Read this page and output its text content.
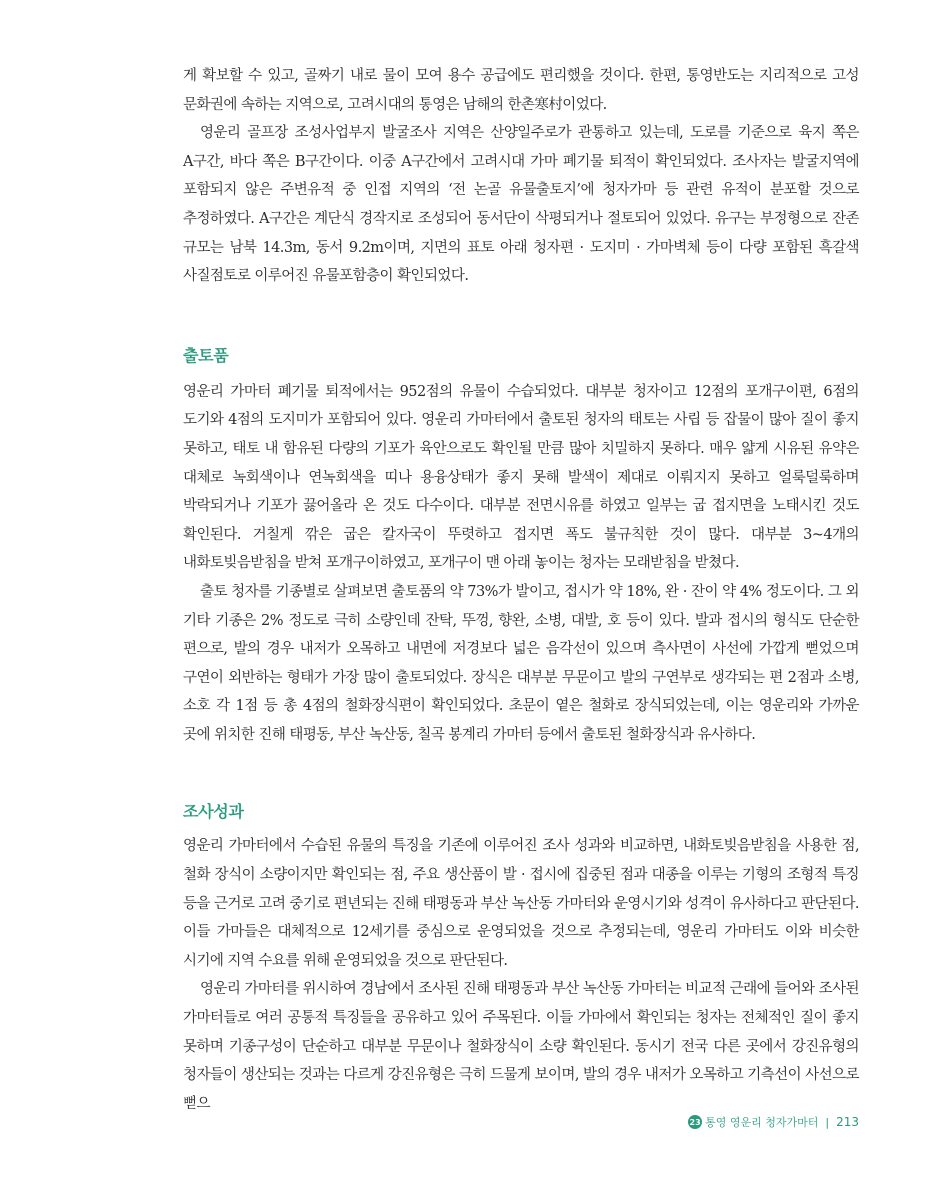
게 확보할 수 있고, 골짜기 내로 물이 모여 용수 공급에도 편리했을 것이다. 한편, 통영반도는 지리적으로 고성 문화권에 속하는 지역으로, 고려시대의 통영은 남해의 한촌寒村이었다.

영운리 골프장 조성사업부지 발굴조사 지역은 산양일주로가 관통하고 있는데, 도로를 기준으로 육지 쪽은 A구간, 바다 쪽은 B구간이다. 이중 A구간에서 고려시대 가마 폐기물 퇴적이 확인되었다. 조사자는 발굴지역에 포함되지 않은 주변유적 중 인접 지역의 ‘전 논골 유물출토지’에 청자가마 등 관련 유적이 분포할 것으로 추정하였다. A구간은 계단식 경작지로 조성되어 동서단이 삭평되거나 절토되어 있었다. 유구는 부정형으로 잔존 규모는 남북 14.3m, 동서 9.2m이며, 지면의 표토 아래 청자편 · 도지미 · 가마벽체 등이 다량 포함된 흑갈색 사질점토로 이루어진 유물포함층이 확인되었다.

출토품

영운리 가마터 폐기물 퇴적에서는 952점의 유물이 수습되었다. 대부분 청자이고 12점의 포개구이편, 6점의 도기와 4점의 도지미가 포함되어 있다. 영운리 가마터에서 출토된 청자의 태토는 사립 등 잡물이 많아 질이 좋지 못하고, 태토 내 함유된 다량의 기포가 육안으로도 확인될 만큼 많아 치밀하지 못하다. 매우 얇게 시유된 유약은 대체로 녹회색이나 연녹회색을 띠나 용융상태가 좋지 못해 발색이 제대로 이뤄지지 못하고 얼룩덜룩하며 박락되거나 기포가 끓어올라 온 것도 다수이다. 대부분 전면시유를 하였고 일부는 굽 접지면을 노태시킨 것도 확인된다. 거칠게 깎은 굽은 칼자국이 뚜렷하고 접지면 폭도 불규칙한 것이 많다. 대부분 3~4개의 내화토빚음받침을 받쳐 포개구이하였고, 포개구이 맨 아래 놓이는 청자는 모래받침을 받쳤다.

출토 청자를 기종별로 살펴보면 출토품의 약 73%가 발이고, 접시가 약 18%, 완 · 잔이 약 4% 정도이다. 그 외 기타 기종은 2% 정도로 극히 소량인데 잔탁, 뚜껑, 향완, 소병, 대발, 호 등이 있다. 발과 접시의 형식도 단순한 편으로, 발의 경우 내저가 오목하고 내면에 저경보다 넓은 음각선이 있으며 측사면이 사선에 가깝게 뻗었으며 구연이 외반하는 형태가 가장 많이 출토되었다. 장식은 대부분 무문이고 발의 구연부로 생각되는 편 2점과 소병, 소호 각 1점 등 총 4점의 철화장식편이 확인되었다. 초문이 옅은 철화로 장식되었는데, 이는 영운리와 가까운 곳에 위치한 진해 태평동, 부산 녹산동, 칠곡 봉계리 가마터 등에서 출토된 철화장식과 유사하다.

조사성과

영운리 가마터에서 수습된 유물의 특징을 기존에 이루어진 조사 성과와 비교하면, 내화토빚음받침을 사용한 점, 철화 장식이 소량이지만 확인되는 점, 주요 생산품이 발 · 접시에 집중된 점과 대종을 이루는 기형의 조형적 특징 등을 근거로 고려 중기로 편년되는 진해 태평동과 부산 녹산동 가마터와 운영시기와 성격이 유사하다고 판단된다. 이들 가마들은 대체적으로 12세기를 중심으로 운영되었을 것으로 추정되는데, 영운리 가마터도 이와 비슷한 시기에 지역 수요를 위해 운영되었을 것으로 판단된다.

영운리 가마터를 위시하여 경남에서 조사된 진해 태평동과 부산 녹산동 가마터는 비교적 근래에 들어와 조사된 가마터들로 여러 공통적 특징들을 공유하고 있어 주목된다. 이들 가마에서 확인되는 청자는 전체적인 질이 좋지 못하며 기종구성이 단순하고 대부분 무문이나 철화장식이 소량 확인된다. 동시기 전국 다른 곳에서 강진유형의 청자들이 생산되는 것과는 다르게 강진유형은 극히 드물게 보이며, 발의 경우 내저가 오목하고 기측선이 사선으로 뻗으

23 통영 영운리 청자가마터 | 213
